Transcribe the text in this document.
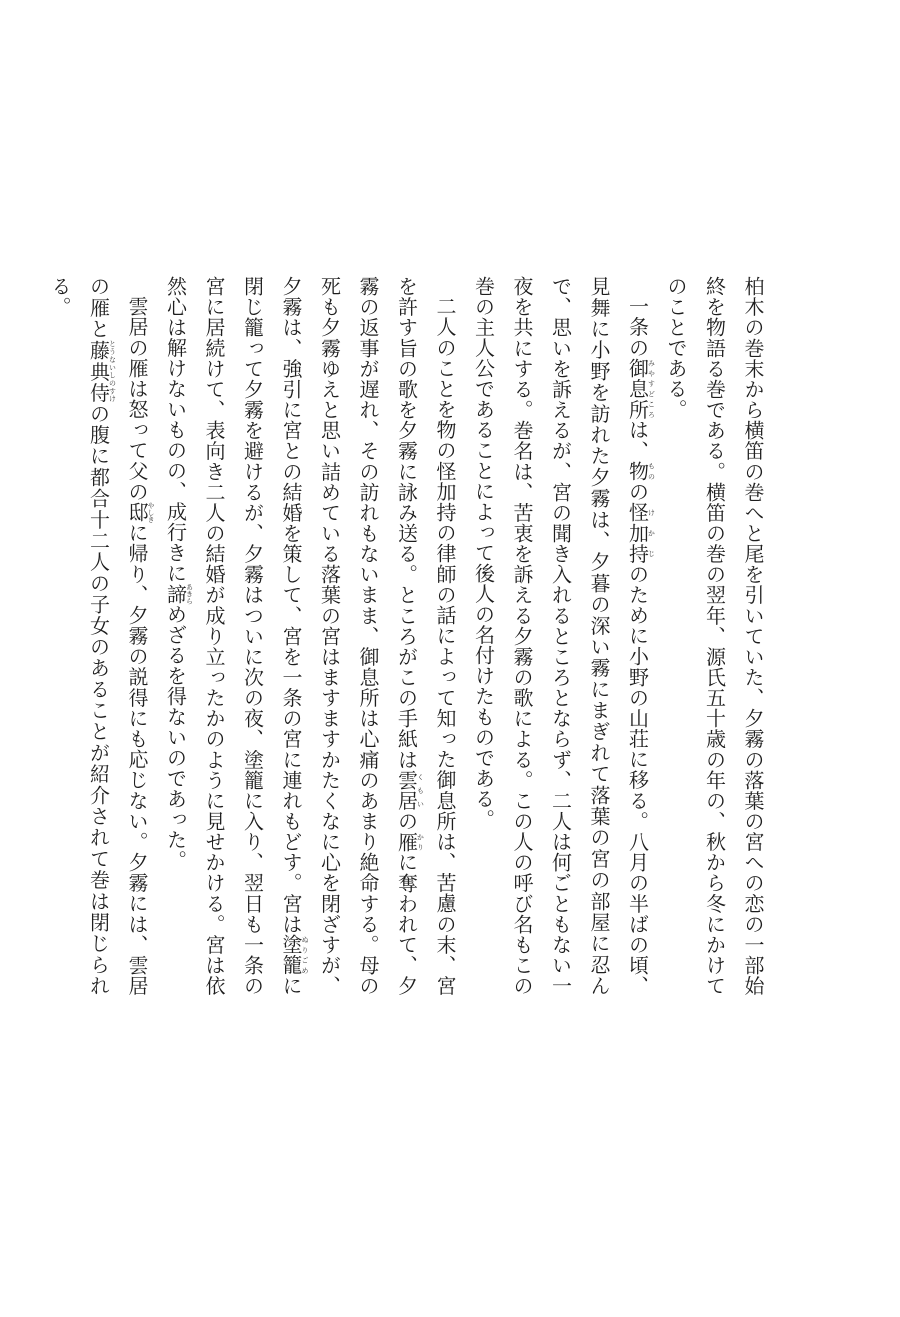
柏木の巻末から横笛の巻へと尾を引いていた、夕霧の落葉の宮への恋の一部始終を物語る巻である。横笛の巻の翌年、源氏五十歳の年の、秋から冬にかけてのことである。

一条の御息所みやすどころは、物ものの怪け加持かじのために小野の山荘に移る。八月の半ばの頃、見舞に小野を訪れた夕霧は、夕暮の深い霧にまぎれて落葉の宮の部屋に忍んで、思いを訴えるが、宮の聞き入れるところとならず、二人は何ごともない一夜を共にする。巻名は、苦衷を訴える夕霧の歌による。この人の呼び名もこの巻の主人公であることによって後人の名付けたものである。

二人のことを物の怪加持の律師の話によって知った御息所は、苦慮の末、宮を許す旨の歌を夕霧に詠み送る。ところがこの手紙は雲居くもいの雁かりに奪われて、夕霧の返事が遅れ、その訪れもないまま、御息所は心痛のあまり絶命する。母の死も夕霧ゆえと思い詰めている落葉の宮はますますかたくなに心を閉ざすが、夕霧は、強引に宮との結婚を策して、宮を一条の宮に連れもどす。宮は塗籠ぬりごめに閉じ籠って夕霧を避けるが、夕霧はついに次の夜、塗籠に入り、翌日も一条の宮に居続けて、表向き二人の結婚が成り立ったかのように見せかける。宮は依然心は解けないものの、成行きに諦あきらめざるを得ないのであった。

雲居の雁は怒って父の邸やしきに帰り、夕霧の説得にも応じない。夕霧には、雲居の雁と藤典侍とうないしのすけの腹に都合十二人の子女のあることが紹介されて巻は閉じられる。
